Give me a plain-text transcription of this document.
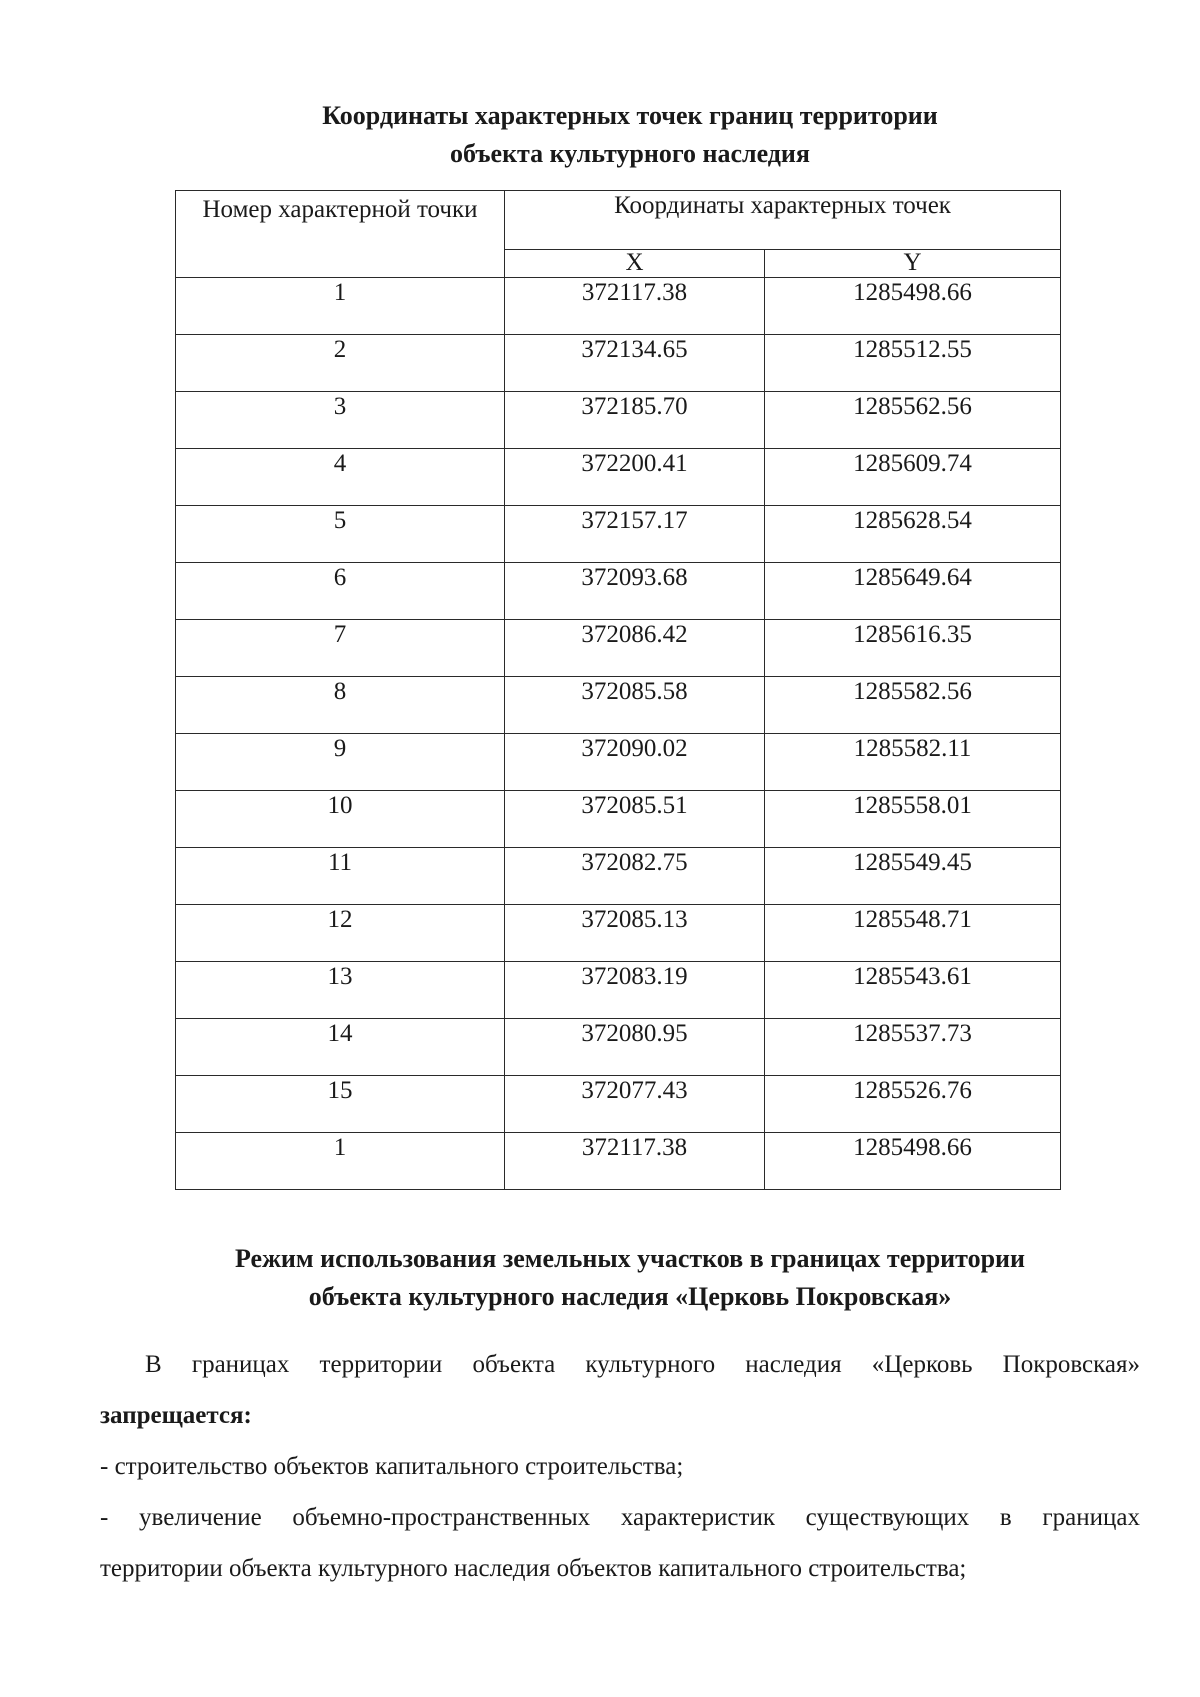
Координаты характерных точек границ территории
объекта культурного наследия
Номер характерной точки	Координаты характерных точек	
	X	Y
1	372117.38	1285498.66
2	372134.65	1285512.55
3	372185.70	1285562.56
4	372200.41	1285609.74
5	372157.17	1285628.54
6	372093.68	1285649.64
7	372086.42	1285616.35
8	372085.58	1285582.56
9	372090.02	1285582.11
10	372085.51	1285558.01
11	372082.75	1285549.45
12	372085.13	1285548.71
13	372083.19	1285543.61
14	372080.95	1285537.73
15	372077.43	1285526.76
1	372117.38	1285498.66
Режим использования земельных участков в границах территории
объекта культурного наследия «Церковь Покровская»
В границах территории объекта культурного наследия «Церковь Покровская»
запрещается:
- строительство объектов капитального строительства;
- увеличение объемно-пространственных характеристик существующих в границах
территории объекта культурного наследия объектов капитального строительства;
